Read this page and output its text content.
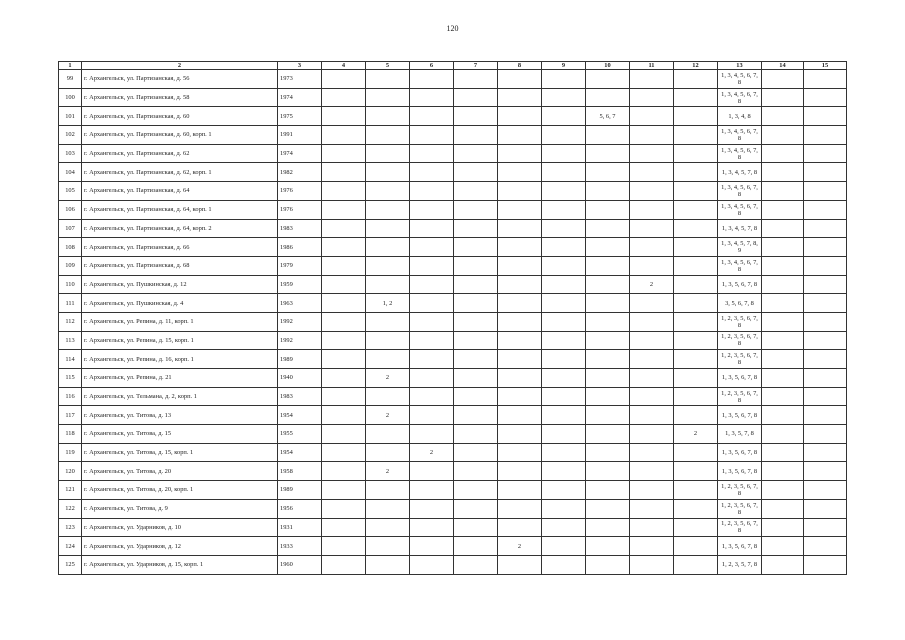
120
1	2	3	4	5	6	7	8	9	10	11	12	13	14	15
99	г. Архангельск, ул. Партизанская, д. 56	1973										1, 3, 4, 5, 6, 7, 8		
100	г. Архангельск, ул. Партизанская, д. 58	1974										1, 3, 4, 5, 6, 7, 8		
101	г. Архангельск, ул. Партизанская, д. 60	1975							5, 6, 7			1, 3, 4, 8		
102	г. Архангельск, ул. Партизанская, д. 60, корп. 1	1991										1, 3, 4, 5, 6, 7, 8		
103	г. Архангельск, ул. Партизанская, д. 62	1974										1, 3, 4, 5, 6, 7, 8		
104	г. Архангельск, ул. Партизанская, д. 62, корп. 1	1982										1, 3, 4, 5, 7, 8		
105	г. Архангельск, ул. Партизанская, д. 64	1976										1, 3, 4, 5, 6, 7, 8		
106	г. Архангельск, ул. Партизанская, д. 64, корп. 1	1976										1, 3, 4, 5, 6, 7, 8		
107	г. Архангельск, ул. Партизанская, д. 64, корп. 2	1983										1, 3, 4, 5, 7, 8		
108	г. Архангельск, ул. Партизанская, д. 66	1986										1, 3, 4, 5, 7, 8, 9		
109	г. Архангельск, ул. Партизанская, д. 68	1979										1, 3, 4, 5, 6, 7, 8		
110	г. Архангельск, ул. Пушкинская, д. 12	1959								2		1, 3, 5, 6, 7, 8		
111	г. Архангельск, ул. Пушкинская, д. 4	1963		1, 2								3, 5, 6, 7, 8		
112	г. Архангельск, ул. Репина, д. 11, корп. 1	1992										1, 2, 3, 5, 6, 7, 8		
113	г. Архангельск, ул. Репина, д. 15, корп. 1	1992										1, 2, 3, 5, 6, 7, 8		
114	г. Архангельск, ул. Репина, д. 16, корп. 1	1989										1, 2, 3, 5, 6, 7, 8		
115	г. Архангельск, ул. Репина, д. 21	1940		2								1, 3, 5, 6, 7, 8		
116	г. Архангельск, ул. Тельмана, д. 2, корп. 1	1983										1, 2, 3, 5, 6, 7, 8		
117	г. Архангельск, ул. Титова, д. 13	1954		2								1, 3, 5, 6, 7, 8		
118	г. Архангельск, ул. Титова, д. 15	1955									2	1, 3, 5, 7, 8		
119	г. Архангельск, ул. Титова, д. 15, корп. 1	1954			2							1, 3, 5, 6, 7, 8		
120	г. Архангельск, ул. Титова, д. 20	1958		2								1, 3, 5, 6, 7, 8		
121	г. Архангельск, ул. Титова, д. 20, корп. 1	1989										1, 2, 3, 5, 6, 7, 8		
122	г. Архангельск, ул. Титова, д. 9	1956										1, 2, 3, 5, 6, 7, 8		
123	г. Архангельск, ул. Ударников, д. 10	1931										1, 2, 3, 5, 6, 7, 8		
124	г. Архангельск, ул. Ударников, д. 12	1933					2					1, 3, 5, 6, 7, 8		
125	г. Архангельск, ул. Ударников, д. 15, корп. 1	1960										1, 2, 3, 5, 7, 8		
